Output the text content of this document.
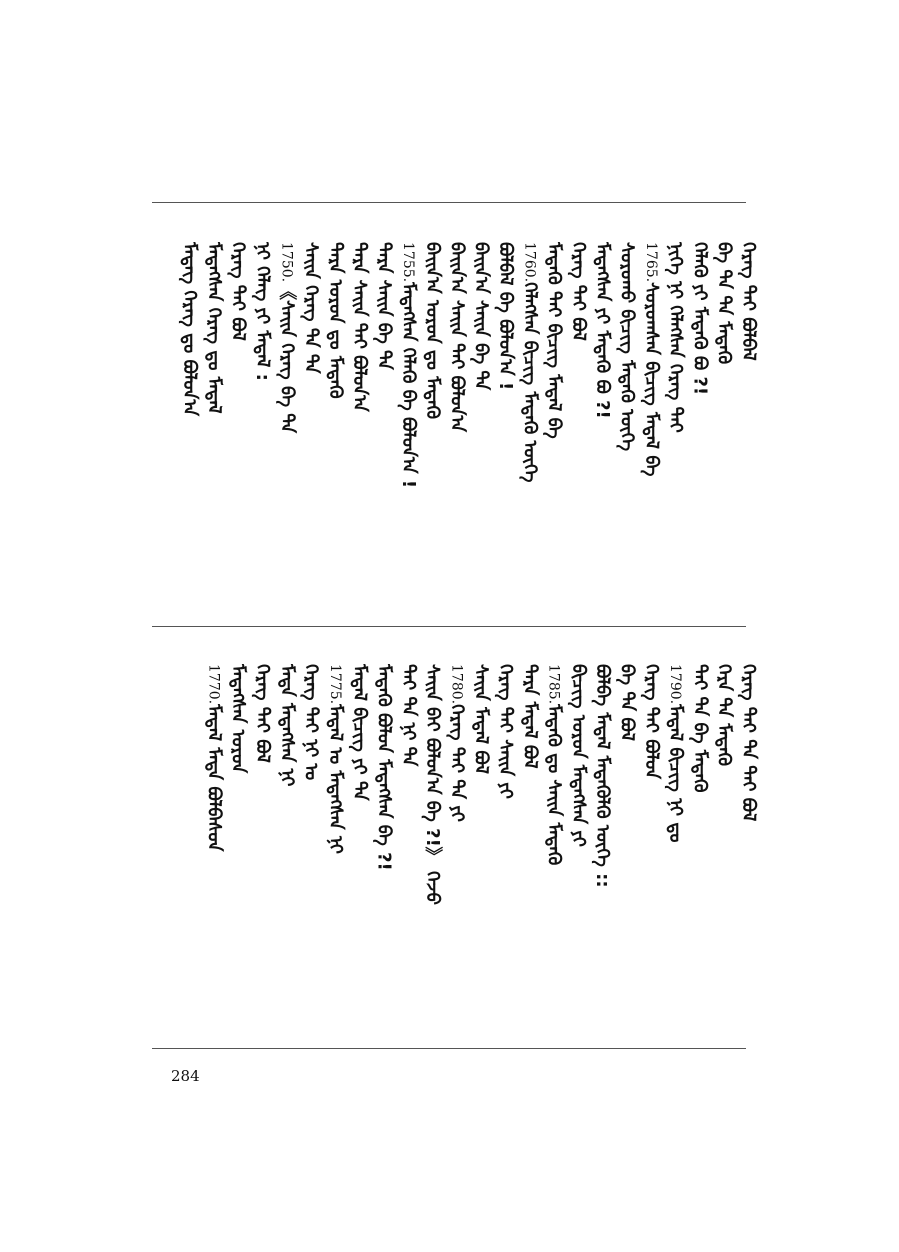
ᠬᠡᠷᠡᠭ ᠲᠡᠢ ᠪᠣᠯᠪᠠᠯ
ᠪᠠ ᠲᠠ ᠲᠠ ᠮᠡᠳᠡᠬᠦ
ᠬᠡᠯᠡᠬᠦ ᠶᠢ ᠮᠡᠳᠡᠬᠦ ᠪᠤ ?!
ᠨᠢᠭᠡ ᠨᠢ ᠬᠡᠯᠡᠭᠰᠡᠨ ᠬᠡᠷᠡᠭ ᠲᠡᠢ
1765.ᠰᠤᠷᠤᠭᠰᠠᠨ ᠪᠢᠴᠢᠭ ᠮᠡᠳᠡᠯ ᠪᠡ
ᠰᠤᠷᠤᠬᠤ ᠪᠢᠴᠢᠭ ᠮᠡᠳᠡᠬᠦ ᠦᠭᠡ
ᠮᠡᠳᠡᠭᠰᠡᠨ ᠶᠢ ᠮᠡᠳᠡᠬᠦ ᠪᠤ ?!
ᠬᠡᠷᠡᠭ ᠲᠡᠢ ᠪᠣᠯ
ᠮᠡᠳᠡᠬᠦ ᠲᠡᠢ ᠪᠢᠴᠢᠭ ᠮᠡᠳᠡᠯ ᠪᠡ
1760.ᠬᠡᠯᠡᠭᠰᠡᠨ ᠪᠢᠴᠢᠭ ᠮᠡᠳᠡᠬᠦ ᠦᠭᠡ
ᠪᠣᠯᠪᠠᠯ ᠪᠠ ᠪᠣᠯᠤᠨ᠎ᠠ !
ᠪᠠᠢᠨ᠎ᠠ ᠰᠠᠢᠨ ᠪᠠ ᠲᠠ
ᠪᠠᠢᠨ᠎ᠠ ᠰᠠᠢᠨ ᠲᠡᠢ ᠪᠣᠯᠤᠨ᠎ᠠ
ᠪᠠᠢᠨ᠎ᠠ ᠣᠷᠣᠨ ᠳᠤ ᠮᠡᠳᠡᠬᠦ
1755.ᠮᠡᠳᠡᠭᠰᠡᠨ ᠬᠡᠯᠡᠬᠦ ᠪᠠ ᠪᠣᠯᠤᠨ᠎ᠠ !
ᠲᠡᠷᠡ ᠰᠠᠢᠨ ᠪᠠ ᠲᠠ
ᠲᠡᠷᠡ ᠰᠠᠢᠨ ᠲᠡᠢ ᠪᠣᠯᠤᠨ᠎ᠠ
ᠲᠡᠷᠡ ᠣᠷᠣᠨ ᠳᠤ ᠮᠡᠳᠡᠬᠦ
ᠰᠠᠢᠨ ᠬᠡᠷᠡᠭ ᠲᠠ ᠲᠠ
1750.《ᠰᠠᠢᠨ ᠬᠡᠷᠡᠭ ᠪᠠ ᠲᠠ
ᠨᠢ ᠬᠡᠯᠡᠭ ᠶᠢ ᠮᠡᠳᠡᠯ :
ᠬᠡᠷᠡᠭ ᠲᠡᠢ ᠪᠣᠯ
ᠮᠡᠳᠡᠭᠰᠡᠨ ᠬᠡᠷᠡᠭ ᠳᠤ ᠮᠡᠳᠡᠯ
ᠮᠡᠳᠡᠭ ᠬᠡᠷᠡᠭ ᠳᠤ ᠪᠣᠯᠤᠨ᠎ᠠ
ᠬᠡᠷᠡᠭ ᠲᠡᠢ ᠲᠠ ᠲᠡᠢ ᠪᠣᠯ
ᠬᠡᠷᠡ ᠲᠠ ᠮᠡᠳᠡᠬᠦ
ᠲᠡᠢ ᠲᠠ ᠪᠠ ᠮᠡᠳᠡᠬᠦ
1790.ᠮᠡᠳᠡᠯ ᠪᠢᠴᠢᠭ ᠨᠢ ᠳᠤ
ᠬᠡᠷᠡᠭ ᠲᠡᠢ ᠪᠣᠯᠤᠨ
ᠪᠠ ᠲᠠ ᠪᠣᠯ
ᠪᠣᠯᠪᠠ ᠮᠡᠳᠡᠯ ᠮᠡᠳᠡᠬᠦᠯᠬᠦ ᠦᠭᠡ ::
ᠪᠢᠴᠢᠭ ᠣᠷᠣᠨ ᠮᠡᠳᠡᠭᠰᠡᠨ ᠶᠢ
1785.ᠮᠡᠳᠡᠬᠦ ᠳᠤ ᠰᠠᠢᠨ ᠮᠡᠳᠡᠬᠦ
ᠲᠡᠷᠡ ᠮᠡᠳᠡᠯ ᠪᠣᠯ
ᠬᠡᠷᠡᠭ ᠲᠡᠢ ᠰᠠᠢᠨ ᠶᠢ
ᠰᠠᠢᠨ ᠮᠡᠳᠡᠯ ᠪᠣᠯ
1780.ᠬᠡᠷᠡᠭ ᠲᠡᠢ ᠲᠠ ᠶᠢ
ᠰᠠᠢᠨ ᠪᠠᠢ ᠪᠣᠯᠤᠨ᠎ᠠ ᠪᠠ ?!》 ᠭᠡᠵᠦ
ᠲᠡᠢ ᠲᠠ ᠨᠢ ᠲᠠ
ᠮᠡᠳᠡᠬᠦ ᠪᠣᠯᠤᠨ ᠮᠡᠳᠡᠭᠰᠡᠨ ᠪᠠ ?!
ᠮᠡᠳᠡᠯ ᠪᠢᠴᠢᠭ ᠶᠢ ᠲᠠ
1775.ᠮᠡᠳᠡᠯ ᠣ ᠮᠡᠳᠡᠭᠰᠡᠨ ᠨᠢ
ᠬᠡᠷᠡᠭ ᠲᠡᠢ ᠨᠢ ᠣ
ᠮᠡᠳᠡ ᠮᠡᠳᠡᠭᠰᠡᠨ ᠨᠢ
ᠬᠡᠷᠡᠭ ᠲᠡᠢ ᠪᠣᠯ
ᠮᠡᠳᠡᠭᠰᠡᠨ ᠣᠷᠣᠨ
1770.ᠮᠡᠳᠡᠯ ᠮᠡᠳᠡ ᠪᠣᠯᠪᠠᠰᠤᠨ
284
